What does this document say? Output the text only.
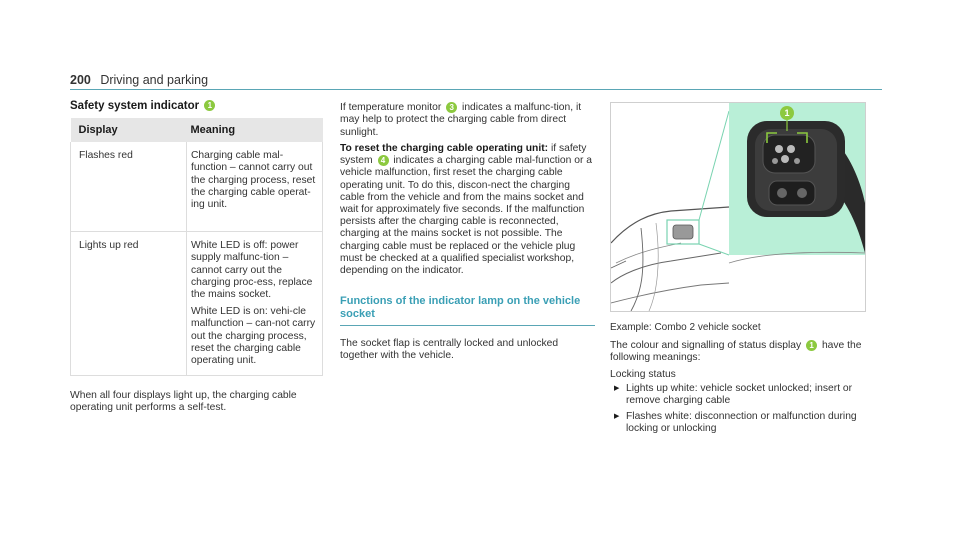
200 Driving and parking
Safety system indicator 1
Display	Meaning
Flashes red	Charging cable mal-function – cannot carry out the charging process, reset the charging cable operat-ing unit.

Lights up red	White LED is off: power supply malfunc-tion – cannot carry out the charging proc-ess, replace the mains socket.
White LED is on: vehi-cle malfunction – can-not carry out the charging process, reset the charging cable operating unit.
When all four displays light up, the charging cable operating unit performs a self-test.
If temperature monitor 3 indicates a malfunc-tion, it may help to protect the charging cable from direct sunlight.
To reset the charging cable operating unit: if safety system 4 indicates a charging cable mal-function or a vehicle malfunction, first reset the charging cable operating unit. To do this, discon-nect the charging cable from the vehicle and from the mains socket and wait for approximately five seconds. If the malfunction persists after the charging cable is reconnected, charging at the mains socket is not possible. The charging cable must be replaced or the vehicle plug must be checked at a qualified specialist workshop, depending on the indicator.
Functions of the indicator lamp on the vehicle socket
The socket flap is centrally locked and unlocked together with the vehicle.
1
Example: Combo 2 vehicle socket
The colour and signalling of status display 1 have the following meanings:
Locking status
▶ Lights up white: vehicle socket unlocked; insert or remove charging cable
▶ Flashes white: disconnection or malfunction during locking or unlocking
